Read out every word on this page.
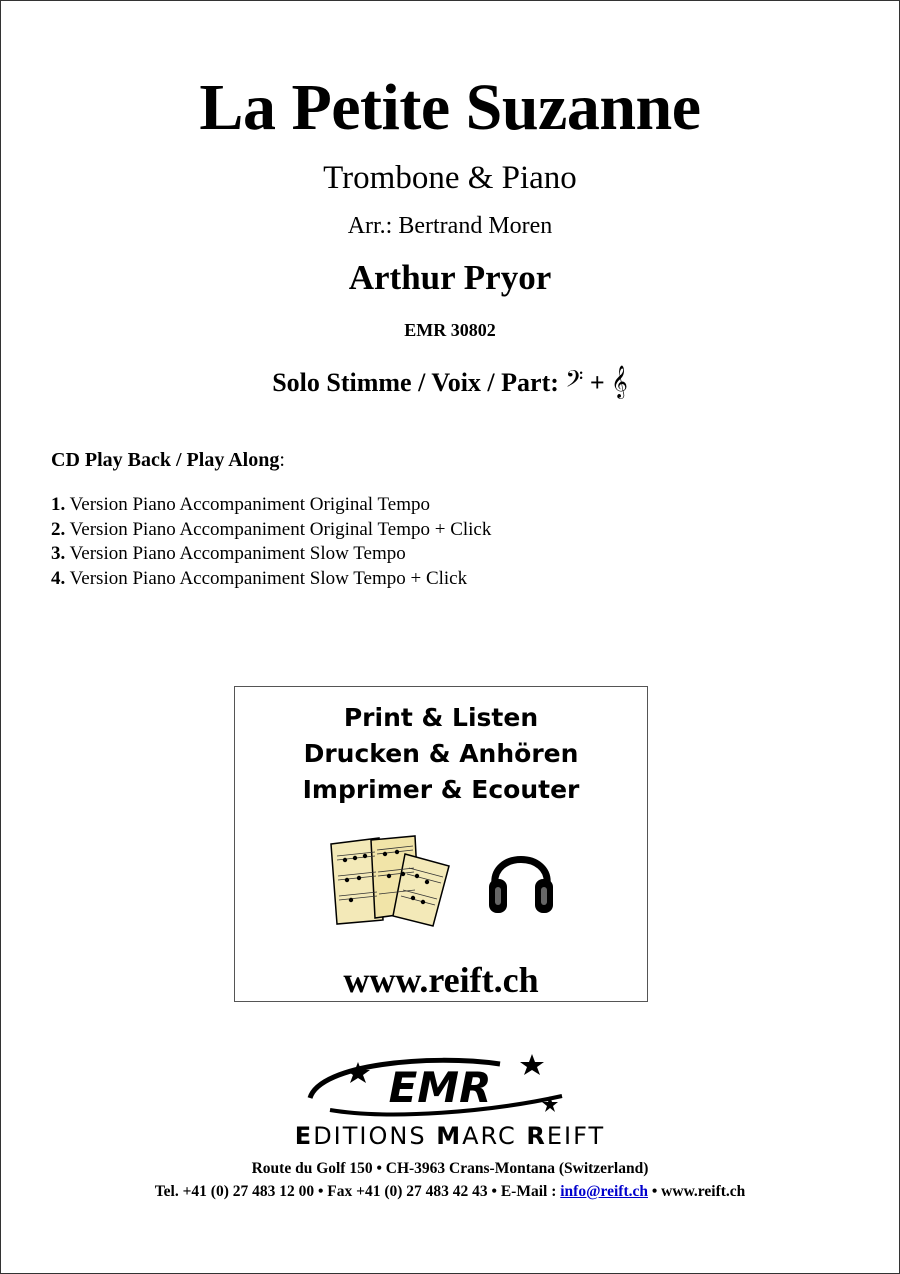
La Petite Suzanne
Trombone & Piano
Arr.: Bertrand Moren
Arthur Pryor
EMR 30802
Solo Stimme / Voix / Part: 𝄢 + 𝄞
CD Play Back / Play Along:
1. Version Piano Accompaniment Original Tempo
2. Version Piano Accompaniment Original Tempo + Click
3. Version Piano Accompaniment Slow Tempo
4. Version Piano Accompaniment Slow Tempo + Click
Print & Listen
Drucken & Anhören
Imprimer & Ecouter
www.reift.ch
EMR
EDITIONS MARC REIFT
Route du Golf 150 • CH-3963 Crans-Montana (Switzerland)
Tel. +41 (0) 27 483 12 00 • Fax +41 (0) 27 483 42 43 • E-Mail : info@reift.ch • www.reift.ch
